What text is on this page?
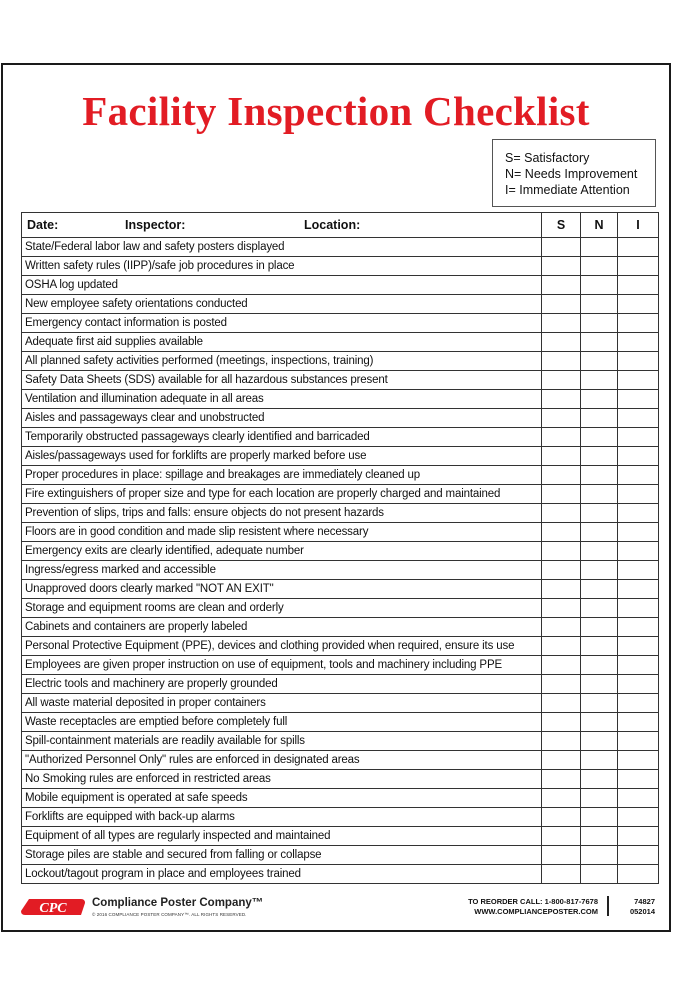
Facility Inspection Checklist
S= Satisfactory
N= Needs Improvement
I= Immediate Attention
Date: Inspector: Location:	S	N	I
State/Federal labor law and safety posters displayed			
Written safety rules (IIPP)/safe job procedures in place			
OSHA log updated			
New employee safety orientations conducted			
Emergency contact information is posted			
Adequate first aid supplies available			
All planned safety activities performed (meetings, inspections, training)			
Safety Data Sheets (SDS) available for all hazardous substances present			
Ventilation and illumination adequate in all areas			
Aisles and passageways clear and unobstructed			
Temporarily obstructed passageways clearly identified and barricaded			
Aisles/passageways used for forklifts are properly marked before use			
Proper procedures in place: spillage and breakages are immediately cleaned up			
Fire extinguishers of proper size and type for each location are properly charged and maintained			
Prevention of slips, trips and falls: ensure objects do not present hazards			
Floors are in good condition and made slip resistent where necessary			
Emergency exits are clearly identified, adequate number			
Ingress/egress marked and accessible			
Unapproved doors clearly marked "NOT AN EXIT"			
Storage and equipment rooms are clean and orderly			
Cabinets and containers are properly labeled			
Personal Protective Equipment (PPE), devices and clothing provided when required, ensure its use			
Employees are given proper instruction on use of equipment, tools and machinery including PPE			
Electric tools and machinery are properly grounded			
All waste material deposited in proper containers			
Waste receptacles are emptied before completely full			
Spill-containment materials are readily available for spills			
"Authorized Personnel Only" rules are enforced in designated areas			
No Smoking rules are enforced in restricted areas			
Mobile equipment is operated at safe speeds			
Forklifts are equipped with back-up alarms			
Equipment of all types are regularly inspected and maintained			
Storage piles are stable and secured from falling or collapse			
Lockout/tagout program in place and employees trained			
CPC Compliance Poster Company™
© 2016 COMPLIANCE POSTER COMPANY™. ALL RIGHTS RESERVED.
TO REORDER CALL: 1-800-817-7678
WWW.COMPLIANCEPOSTER.COM
74827
052014
